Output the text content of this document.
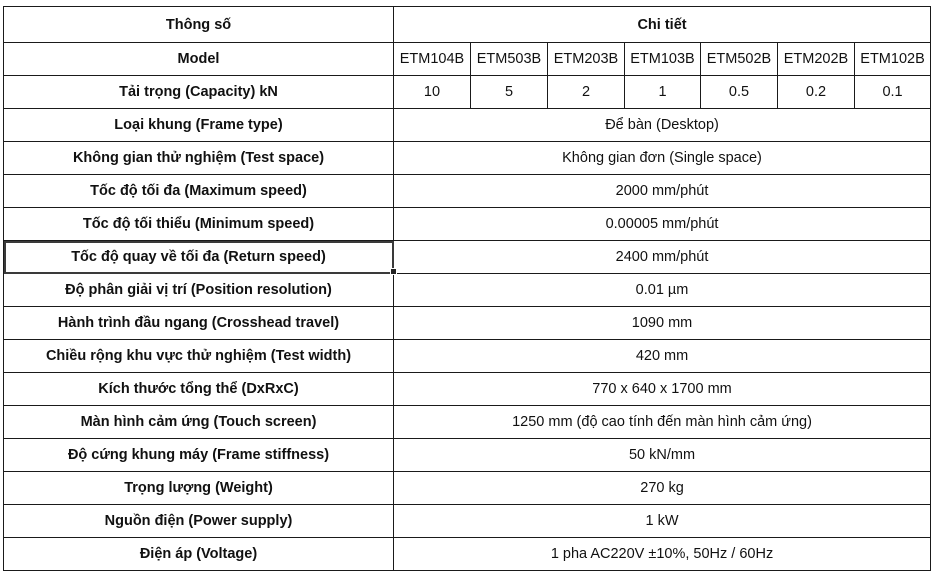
Thông số	Chi tiết						
Model	ETM104B	ETM503B	ETM203B	ETM103B	ETM502B	ETM202B	ETM102B
Tải trọng (Capacity) kN	10	5	2	1	0.5	0.2	0.1
Loại khung (Frame type)	Để bàn (Desktop)						
Không gian thử nghiệm (Test space)	Không gian đơn (Single space)						
Tốc độ tối đa (Maximum speed)	2000 mm/phút						
Tốc độ tối thiểu (Minimum speed)	0.00005 mm/phút						
Tốc độ quay về tối đa (Return speed)	2400 mm/phút						
Độ phân giải vị trí (Position resolution)	0.01 µm						
Hành trình đầu ngang (Crosshead travel)	1090 mm						
Chiều rộng khu vực thử nghiệm (Test width)	420 mm						
Kích thước tổng thể (DxRxC)	770 x 640 x 1700 mm						
Màn hình cảm ứng (Touch screen)	1250 mm (độ cao tính đến màn hình cảm ứng)						
Độ cứng khung máy (Frame stiffness)	50 kN/mm						
Trọng lượng (Weight)	270 kg						
Nguồn điện (Power supply)	1 kW						
Điện áp (Voltage)	1 pha AC220V ±10%, 50Hz / 60Hz						
